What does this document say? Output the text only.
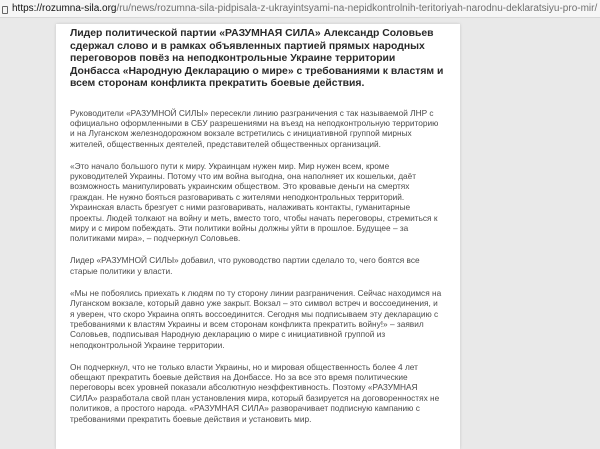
https://rozumna-sila.org /ru/news/rozumna-sila-pidpisala-z-ukrayintsyami-na-nepidkontrolnih-teritoriyah-narodnu-deklaratsiyu-pro-mir/

Лидер политической партии «РАЗУМНАЯ СИЛА» Александр Соловьев сдержал слово и в рамках объявленных партией прямых народных переговоров повёз на неподконтрольные Украине территории Донбасса «Народную Декларацию о мире» с требованиями к властям и всем сторонам конфликта прекратить боевые действия.

Руководители «РАЗУМНОЙ СИЛЫ» пересекли линию разграничения с так называемой ЛНР с официально оформленными в СБУ разрешениями на въезд на неподконтрольную территорию и на Луганском железнодорожном вокзале встретились с инициативной группой мирных жителей, общественных деятелей, представителей общественных организаций.

«Это начало большого пути к миру. Украинцам нужен мир. Мир нужен всем, кроме руководителей Украины. Потому что им война выгодна, она наполняет их кошельки, даёт возможность манипулировать украинским обществом. Это кровавые деньги на смертях граждан. Не нужно бояться разговаривать с жителями неподконтрольных территорий. Украинская власть брезгует с ними разговаривать, налаживать контакты, гуманитарные проекты. Людей толкают на войну и меть, вместо того, чтобы начать переговоры, стремиться к миру и с миром побеждать. Эти политики войны должны уйти в прошлое. Будущее – за политиками мира», – подчеркнул Соловьев.

Лидер «РАЗУМНОЙ СИЛЫ» добавил, что руководство партии сделало то, чего боятся все старые политики у власти.

«Мы не побоялись приехать к людям по ту сторону линии разграничения. Сейчас находимся на Луганском вокзале, который давно уже закрыт. Вокзал – это символ встреч и воссоединения, и я уверен, что скоро Украина опять воссоединится. Сегодня мы подписываем эту декларацию с требованиями к властям Украины и всем сторонам конфликта прекратить войну!» – заявил Соловьев, подписывая Народную декларацию о мире с инициативной группой из неподконтрольной Украине территории.

Он подчеркнул, что не только власти Украины, но и мировая общественность более 4 лет обещают прекратить боевые действия на Донбассе. Но за все это время политические переговоры всех уровней показали абсолютную неэффективность. Поэтому «РАЗУМНАЯ СИЛА» разработала свой план установления мира, который базируется на договоренностях не политиков, а простого народа. «РАЗУМНАЯ СИЛА» разворачивает подписную кампанию с требованиями прекратить боевые действия и установить мир.
